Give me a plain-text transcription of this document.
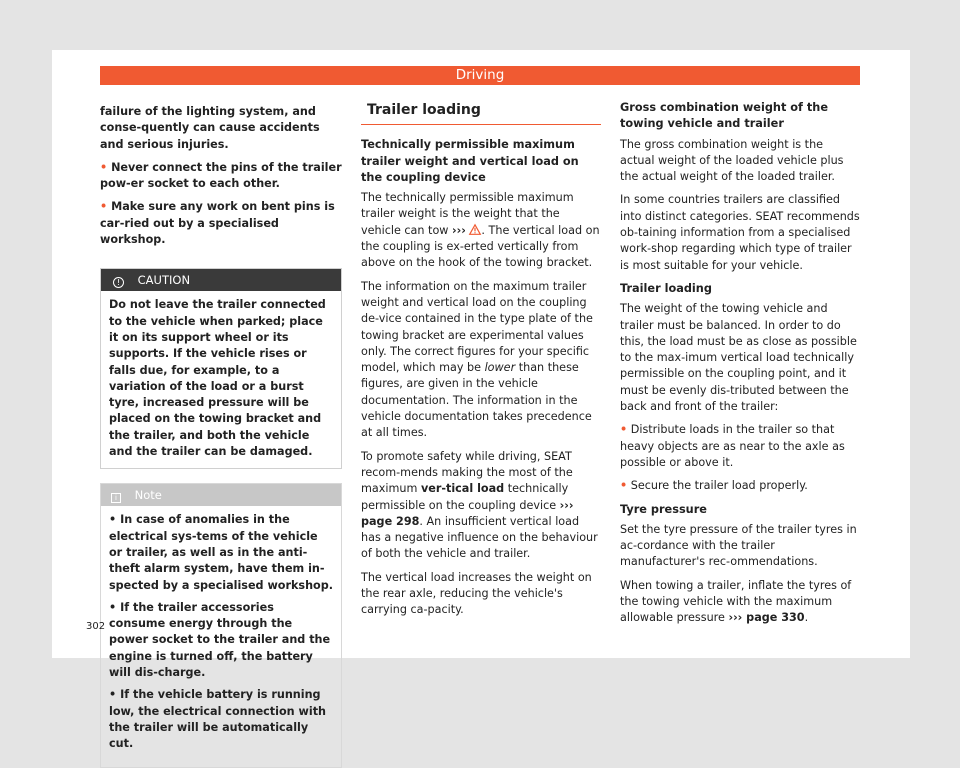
Driving

failure of the lighting system, and conse-quently can cause accidents and serious injuries.

• Never connect the pins of the trailer pow-er socket to each other.

• Make sure any work on bent pins is car-ried out by a specialised workshop.

! CAUTION
Do not leave the trailer connected to the vehicle when parked; place it on its support wheel or its supports. If the vehicle rises or falls due, for example, to a variation of the load or a burst tyre, increased pressure will be placed on the towing bracket and the trailer, and both the vehicle and the trailer can be damaged.
i Note

• In case of anomalies in the electrical sys-tems of the vehicle or trailer, as well as in the anti-theft alarm system, have them in-spected by a specialised workshop.

• If the trailer accessories consume energy through the power socket to the trailer and the engine is turned off, the battery will dis-charge.

• If the vehicle battery is running low, the electrical connection with the trailer will be automatically cut.

Trailer loading

Technically permissible maximum trailer weight and vertical load on the coupling device

The technically permissible maximum trailer weight is the weight that the vehicle can tow ››› . The vertical load on the coupling is ex-erted vertically from above on the hook of the towing bracket.

The information on the maximum trailer weight and vertical load on the coupling de-vice contained in the type plate of the towing bracket are experimental values only. The correct figures for your specific model, which may be lower than these figures, are given in the vehicle documentation. The information in the vehicle documentation takes precedence at all times.

To promote safety while driving, SEAT recom-mends making the most of the maximum ver-tical load technically permissible on the coupling device ››› page 298. An insufficient vertical load has a negative influence on the behaviour of both the vehicle and trailer.

The vertical load increases the weight on the rear axle, reducing the vehicle's carrying ca-pacity.

Gross combination weight of the towing vehicle and trailer

The gross combination weight is the actual weight of the loaded vehicle plus the actual weight of the loaded trailer.

In some countries trailers are classified into distinct categories. SEAT recommends ob-taining information from a specialised work-shop regarding which type of trailer is most suitable for your vehicle.

Trailer loading

The weight of the towing vehicle and trailer must be balanced. In order to do this, the load must be as close as possible to the max-imum vertical load technically permissible on the coupling point, and it must be evenly dis-tributed between the back and front of the trailer:

• Distribute loads in the trailer so that heavy objects are as near to the axle as possible or above it.

• Secure the trailer load properly.

Tyre pressure

Set the tyre pressure of the trailer tyres in ac-cordance with the trailer manufacturer's rec-ommendations.

When towing a trailer, inflate the tyres of the towing vehicle with the maximum allowable pressure ››› page 330.

302
